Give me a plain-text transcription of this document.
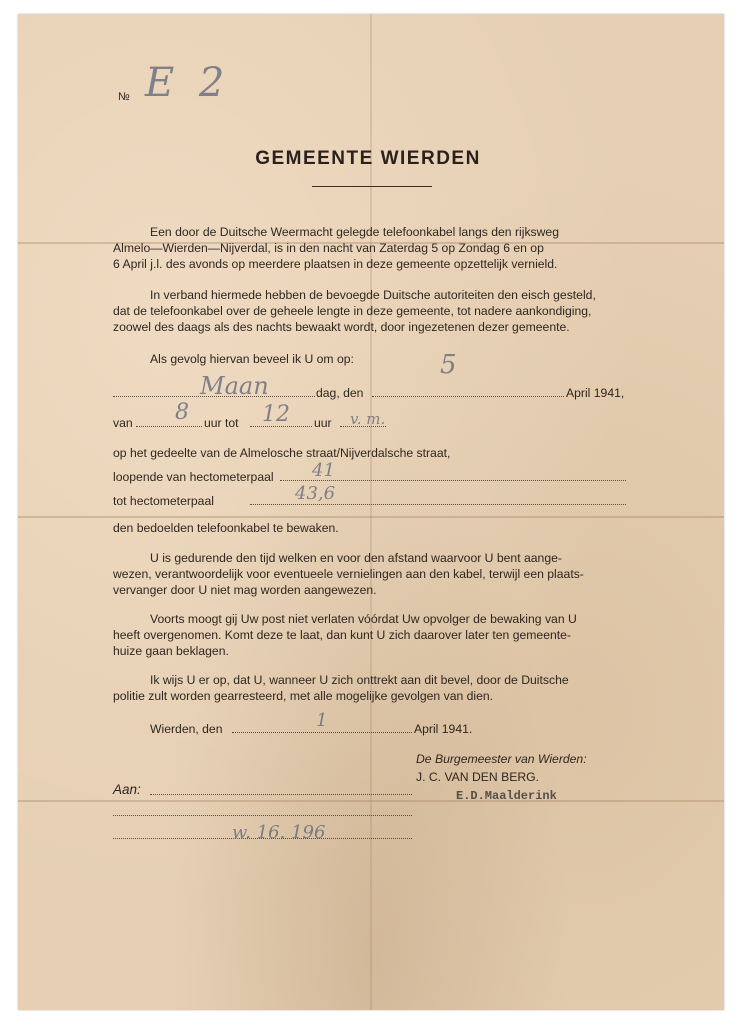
№ E 2
GEMEENTE WIERDEN
Een door de Duitsche Weermacht gelegde telefoonkabel langs den rijksweg
Almelo—Wierden—Nijverdal, is in den nacht van Zaterdag 5 op Zondag 6 en op
6 April j.l. des avonds op meerdere plaatsen in deze gemeente opzettelijk vernield.
In verband hiermede hebben de bevoegde Duitsche autoriteiten den eisch gesteld,
dat de telefoonkabel over de geheele lengte in deze gemeente, tot nadere aankondiging,
zoowel des daags als des nachts bewaakt wordt, door ingezetenen dezer gemeente.
Als gevolg hiervan beveel ik U om op:
Maan	dag, den
5
April 1941,
van 8 uur tot 12 uur v. m.
op het gedeelte van de Almelosche straat/Nijverdalsche straat,
loopende van hectometerpaal 41
tot hectometerpaal	43,6
den bedoelden telefoonkabel te bewaken.
U is gedurende den tijd welken en voor den afstand waarvoor U bent aange-
wezen, verantwoordelijk voor eventueele vernielingen aan den kabel, terwijl een plaats-
vervanger door U niet mag worden aangewezen.
Voorts moogt gij Uw post niet verlaten vóórdat Uw opvolger de bewaking van U
heeft overgenomen. Komt deze te laat, dan kunt U zich daarover later ten gemeente-
huize gaan beklagen.
Ik wijs U er op, dat U, wanneer U zich onttrekt aan dit bevel, door de Duitsche
politie zult worden gearresteerd, met alle mogelijke gevolgen van dien.
Wierden, den	1	April 1941.
De Burgemeester van Wierden:
J. C. VAN DEN BERG.
E.D.Maalderink
Aan:
w. 16. 196
